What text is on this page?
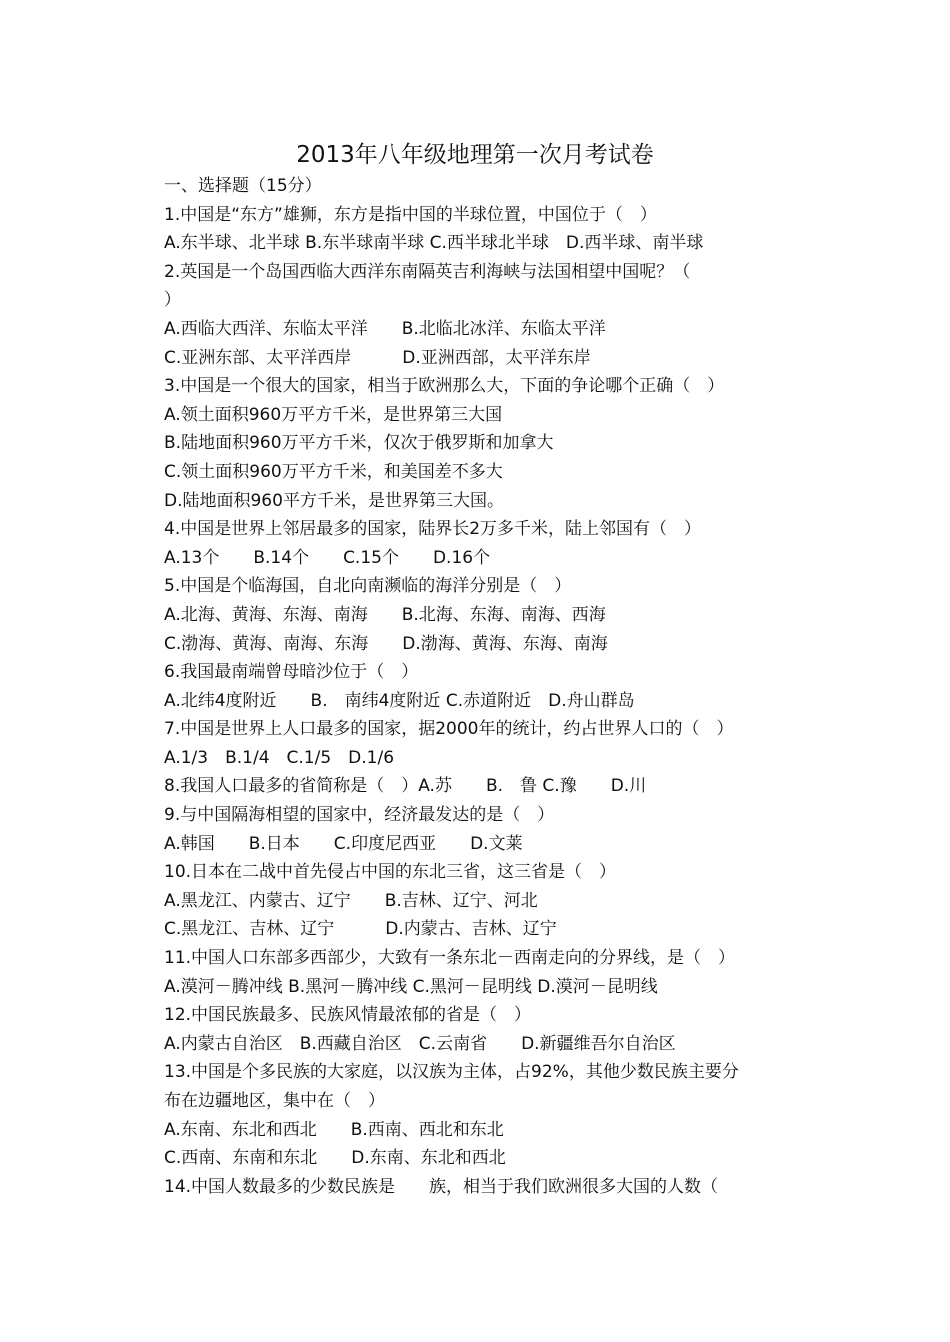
2013年八年级地理第一次月考试卷
一、选择题（15分）
1.中国是“东方”雄狮，东方是指中国的半球位置，中国位于（　）
A.东半球、北半球 B.东半球南半球 C.西半球北半球　D.西半球、南半球
2.英国是一个岛国西临大西洋东南隔英吉利海峡与法国相望中国呢？（
）
A.西临大西洋、东临太平洋　　B.北临北冰洋、东临太平洋
C.亚洲东部、太平洋西岸　　　D.亚洲西部，太平洋东岸
3.中国是一个很大的国家，相当于欧洲那么大，下面的争论哪个正确（　）
A.领土面积960万平方千米，是世界第三大国
B.陆地面积960万平方千米，仅次于俄罗斯和加拿大
C.领土面积960万平方千米，和美国差不多大
D.陆地面积960平方千米，是世界第三大国。
4.中国是世界上邻居最多的国家，陆界长2万多千米，陆上邻国有（　）
A.13个　　B.14个　　C.15个　　D.16个
5.中国是个临海国，自北向南濒临的海洋分别是（　）
A.北海、黄海、东海、南海　　B.北海、东海、南海、西海
C.渤海、黄海、南海、东海　　D.渤海、黄海、东海、南海
6.我国最南端曾母暗沙位于（　）
A.北纬4度附近　　B.　南纬4度附近 C.赤道附近　D.舟山群岛
7.中国是世界上人口最多的国家，据2000年的统计，约占世界人口的（　）
A.1/3　B.1/4　C.1/5　D.1/6
8.我国人口最多的省简称是（　）A.苏　　B.　鲁 C.豫　　D.川
9.与中国隔海相望的国家中，经济最发达的是（　）
A.韩国　　B.日本　　C.印度尼西亚　　D.文莱
10.日本在二战中首先侵占中国的东北三省，这三省是（　）
A.黑龙江、内蒙古、辽宁　　B.吉林、辽宁、河北
C.黑龙江、吉林、辽宁　　　D.内蒙古、吉林、辽宁
11.中国人口东部多西部少，大致有一条东北－西南走向的分界线，是（　）
A.漠河－腾冲线 B.黑河－腾冲线 C.黑河－昆明线 D.漠河－昆明线
12.中国民族最多、民族风情最浓郁的省是（　）
A.内蒙古自治区　B.西藏自治区　C.云南省　　D.新疆维吾尔自治区
13.中国是个多民族的大家庭，以汉族为主体，占92%，其他少数民族主要分
布在边疆地区，集中在（　）
A.东南、东北和西北　　B.西南、西北和东北
C.西南、东南和东北　　D.东南、东北和西北
14.中国人数最多的少数民族是　　族，相当于我们欧洲很多大国的人数（
